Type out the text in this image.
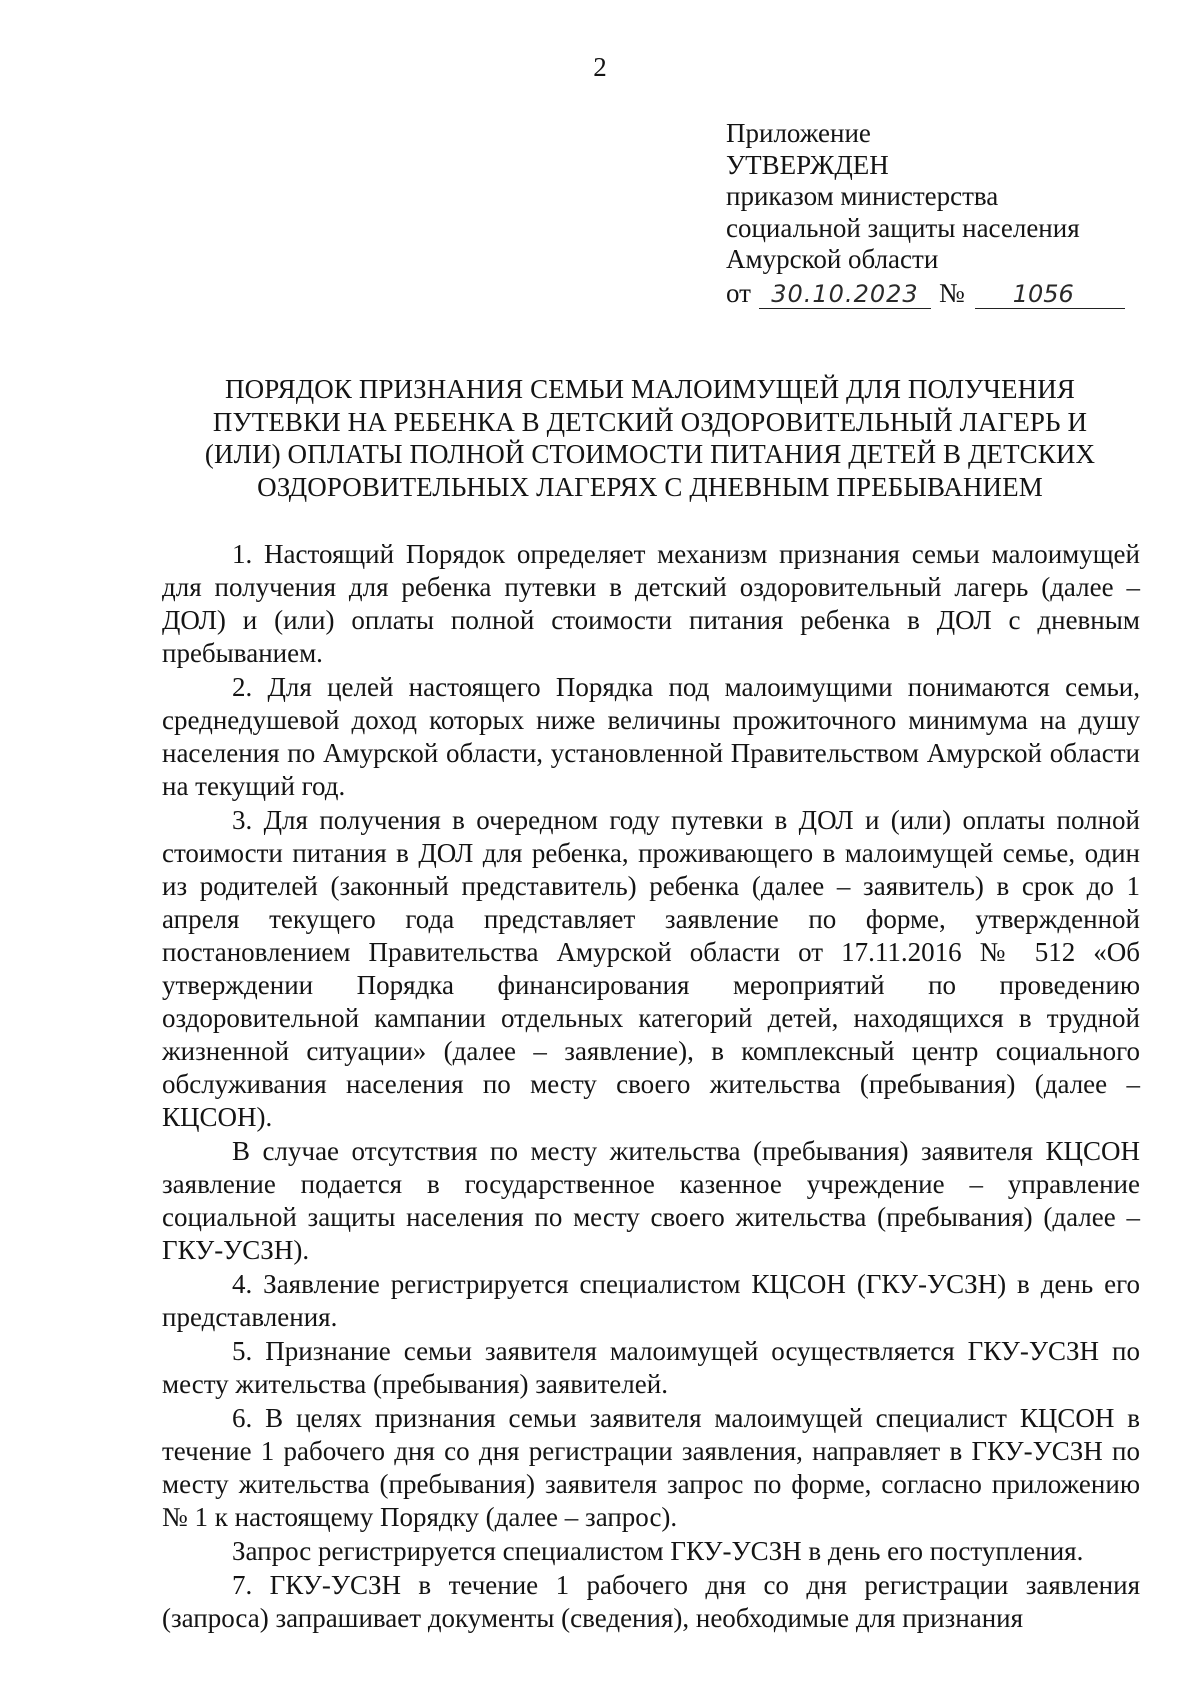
2
Приложение
УТВЕРЖДЕН
приказом министерства
социальной защиты населения
Амурской области
от 30.10.2023 №	1056
ПОРЯДОК ПРИЗНАНИЯ СЕМЬИ МАЛОИМУЩЕЙ ДЛЯ ПОЛУЧЕНИЯ
ПУТЕВКИ НА РЕБЕНКА В ДЕТСКИЙ ОЗДОРОВИТЕЛЬНЫЙ ЛАГЕРЬ И
(ИЛИ) ОПЛАТЫ ПОЛНОЙ СТОИМОСТИ ПИТАНИЯ ДЕТЕЙ В ДЕТСКИХ
ОЗДОРОВИТЕЛЬНЫХ ЛАГЕРЯХ С ДНЕВНЫМ ПРЕБЫВАНИЕМ

1. Настоящий Порядок определяет механизм признания семьи малоимущей для получения для ребенка путевки в детский оздоровительный лагерь (далее – ДОЛ) и (или) оплаты полной стоимости питания ребенка в ДОЛ с дневным пребыванием.

2. Для целей настоящего Порядка под малоимущими понимаются семьи, среднедушевой доход которых ниже величины прожиточного минимума на душу населения по Амурской области, установленной Правительством Амурской области на текущий год.

3. Для получения в очередном году путевки в ДОЛ и (или) оплаты полной стоимости питания в ДОЛ для ребенка, проживающего в малоимущей семье, один из родителей (законный представитель) ребенка (далее – заявитель) в срок до 1 апреля текущего года представляет заявление по форме, утвержденной постановлением Правительства Амурской области от 17.11.2016 № 512 «Об утверждении Порядка финансирования мероприятий по проведению оздоровительной кампании отдельных категорий детей, находящихся в трудной жизненной ситуации» (далее – заявление), в комплексный центр социального обслуживания населения по месту своего жительства (пребывания) (далее – КЦСОН).

В случае отсутствия по месту жительства (пребывания) заявителя КЦСОН заявление подается в государственное казенное учреждение – управление социальной защиты населения по месту своего жительства (пребывания) (далее – ГКУ-УСЗН).

4. Заявление регистрируется специалистом КЦСОН (ГКУ-УСЗН) в день его представления.

5. Признание семьи заявителя малоимущей осуществляется ГКУ-УСЗН по месту жительства (пребывания) заявителей.

6. В целях признания семьи заявителя малоимущей специалист КЦСОН в течение 1 рабочего дня со дня регистрации заявления, направляет в ГКУ-УСЗН по месту жительства (пребывания) заявителя запрос по форме, согласно приложению № 1 к настоящему Порядку (далее – запрос).

Запрос регистрируется специалистом ГКУ-УСЗН в день его поступления.

7. ГКУ-УСЗН в течение 1 рабочего дня со дня регистрации заявления (запроса) запрашивает документы (сведения), необходимые для признания
